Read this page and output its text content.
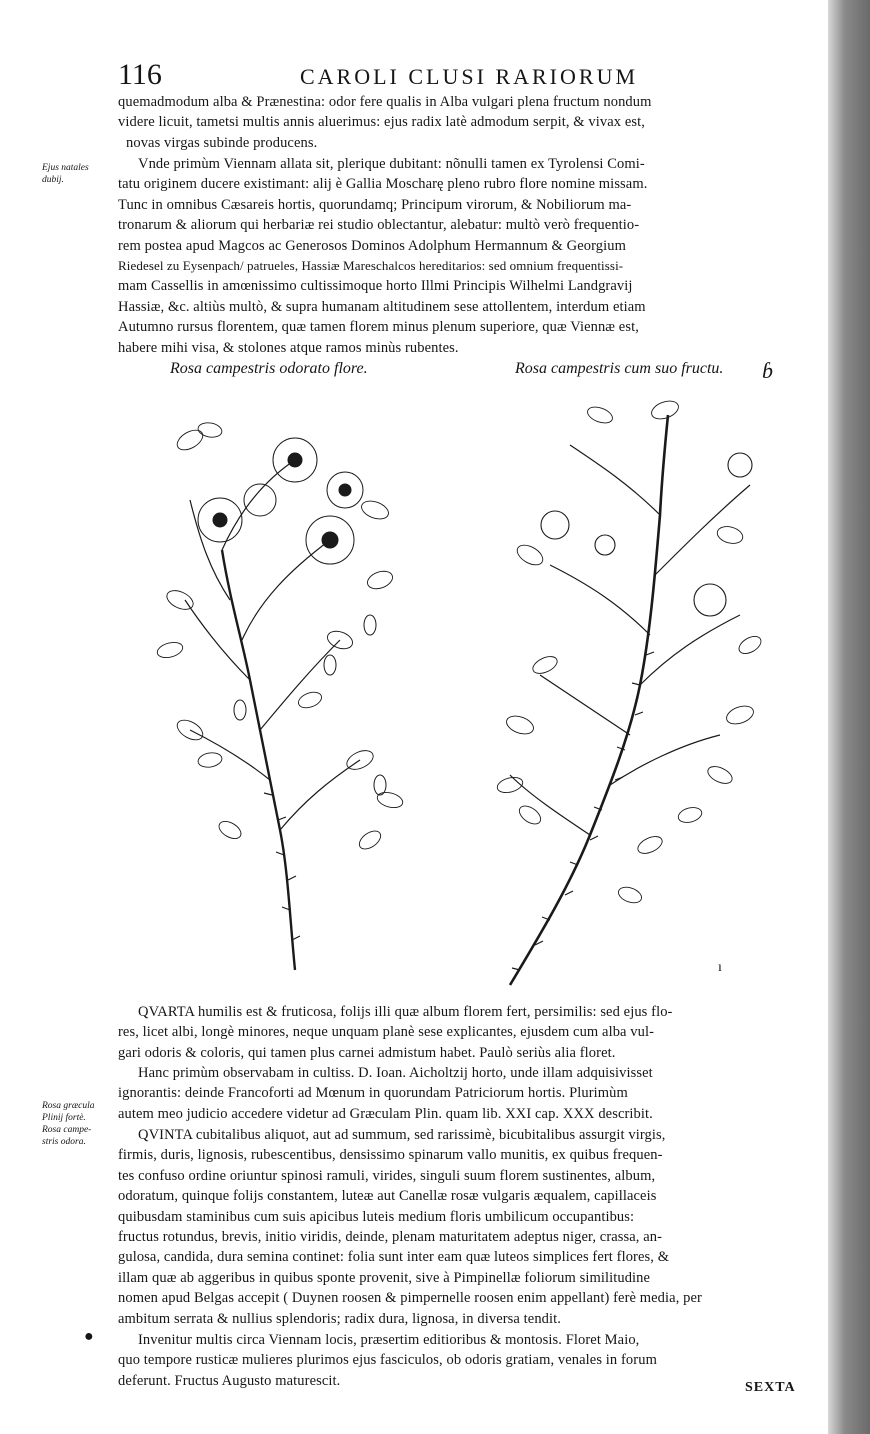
116	CAROLI CLUSI RARIORUM
quemadmodum alba & Prænestina: odor fere qualis in Alba vulgari plena fructum nondum
videre licuit, tametsi multis annis aluerimus: ejus radix latè admodum serpit, & vivax est,
novas virgas subinde producens.
Ejus natales
dubij.
Vnde primùm Viennam allata sit, plerique dubitant: nõnulli tamen ex Tyrolensi Comi-
tatu originem ducere existimant: alij è Gallia Moscharę pleno rubro flore nomine missam.
Tunc in omnibus Cæsareis hortis, quorundamq; Principum virorum, & Nobiliorum ma-
tronarum & aliorum qui herbariæ rei studio oblectantur, alebatur: multò verò frequentio-
rem postea apud Magcos ac Generosos Dominos Adolphum Hermannum & Georgium
Riedesel zu Eysenpach/ patrueles, Hassiæ Mareschalcos hereditarios: sed omnium frequentissi-
mam Cassellis in amœnissimo cultissimoque horto Illmi Principis Wilhelmi Landgravij
Hassiæ, &c. altiùs multò, & supra humanam altitudinem sese attollentem, interdum etiam
Autumno rursus florentem, quæ tamen florem minus plenum superiore, quæ Viennæ est,
habere mihi visa, & stolones atque ramos minùs rubentes.
Rosa campestris odorato flore.	Rosa campestris cum suo fructu. ɓ
ı
QVARTA humilis est & fruticosa, folijs illi quæ album florem fert, persimilis: sed ejus flo-
res, licet albi, longè minores, neque unquam planè sese explicantes, ejusdem cum alba vul-
gari odoris & coloris, qui tamen plus carnei admistum habet. Paulò seriùs alia floret.
Hanc primùm observabam in cultiss. D. Ioan. Aicholtzij horto, unde illam adquisivisset
ignorantis: deinde Francoforti ad Mœnum in quorundam Patriciorum hortis. Plurimùm
autem meo judicio accedere videtur ad Græculam Plin. quam lib. XXI cap. XXX describit.
Rosa græcula
Plinij fortè.
Rosa campe-
stris odora.	QVINTA cubitalibus aliquot, aut ad summum, sed rarissimè, bicubitalibus assurgit virgis,
firmis, duris, lignosis, rubescentibus, densissimo spinarum vallo munitis, ex quibus frequen-
tes confuso ordine oriuntur spinosi ramuli, virides, singuli suum florem sustinentes, album,
odoratum, quinque folijs constantem, luteæ aut Canellæ rosæ vulgaris æqualem, capillaceis
quibusdam staminibus cum suis apicibus luteis medium floris umbilicum occupantibus:
fructus rotundus, brevis, initio viridis, deinde, plenam maturitatem adeptus niger, crassa, an-
gulosa, candida, dura semina continet: folia sunt inter eam quæ luteos simplices fert flores, &
illam quæ ab aggeribus in quibus sponte provenit, sive à Pimpinellæ foliorum similitudine
nomen apud Belgas accepit ( Duynen roosen & pimpernelle roosen enim appellant) ferè media, per
ambitum serrata & nullius splendoris; radix dura, lignosa, in diversa tendit.
Invenitur multis circa Viennam locis, præsertim editioribus & montosis. Floret Maio,
quo tempore rusticæ mulieres plurimos ejus fasciculos, ob odoris gratiam, venales in forum
deferunt. Fructus Augusto maturescit.
●
SEXTA
